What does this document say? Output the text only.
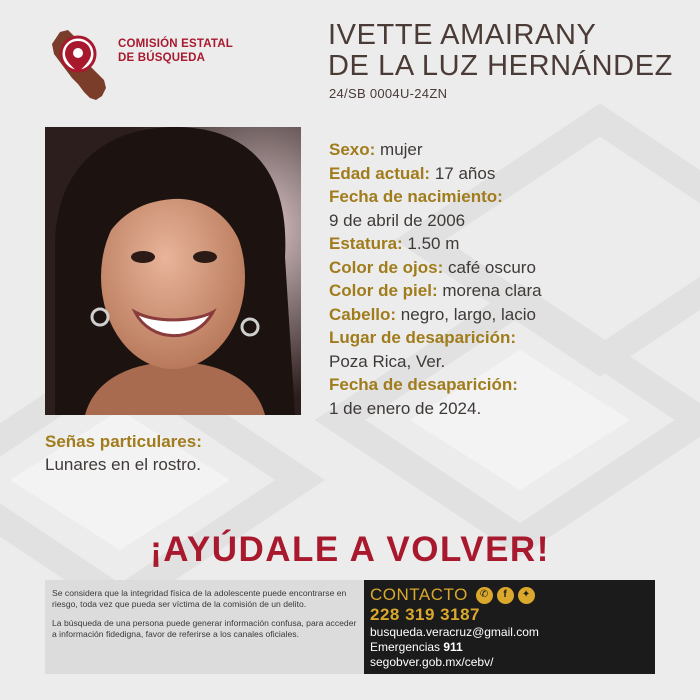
COMISIÓN ESTATAL
DE BÚSQUEDA
IVETTE AMAIRANY
DE LA LUZ HERNÁNDEZ
24/SB 0004U-24ZN
Sexo: mujer
Edad actual: 17 años
Fecha de nacimiento:
9 de abril de 2006
Estatura: 1.50 m
Color de ojos: café oscuro
Color de piel: morena clara
Cabello: negro, largo, lacio
Lugar de desaparición:
Poza Rica, Ver.
Fecha de desaparición:
1 de enero de 2024.
Señas particulares:
Lunares en el rostro.
¡AYÚDALE A VOLVER!

Se considera que la integridad física de la adolescente puede encontrarse en riesgo, toda vez que pueda ser víctima de la comisión de un delito.

La búsqueda de una persona puede generar información confusa, para acceder a información fidedigna, favor de referirse a los canales oficiales.

CONTACTO	✆	f	✦
228 319 3187
busqueda.veracruz@gmail.com
Emergencias 911
segobver.gob.mx/cebv/
